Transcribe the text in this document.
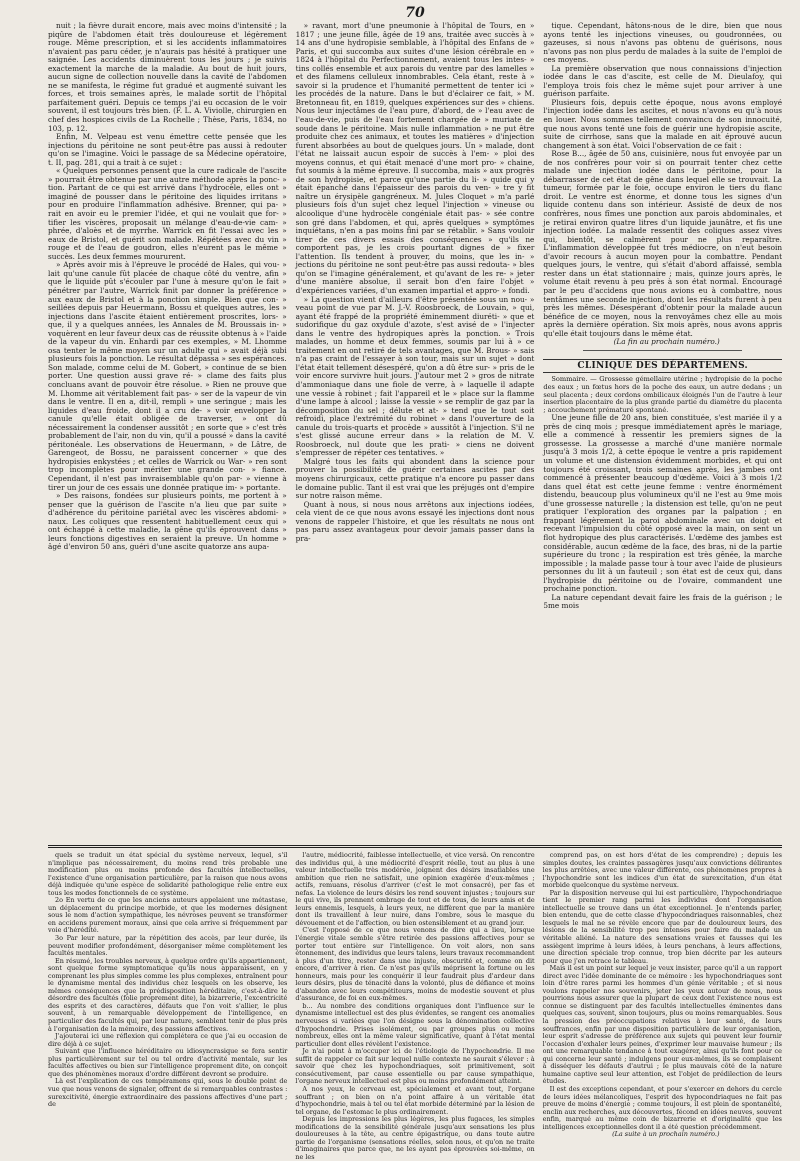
70

nuit ; la fièvre durait encore, mais avec moins d'intensité ; la piqûre de l'abdomen était très douloureuse et légèrement rouge. Même prescription, et si les accidents inflammatoires n'avaient pas paru céder, je n'aurais pas hésité à pratiquer une saignée. Les accidents diminuèrent tous les jours ; je suivis exactement la marche de la maladie. Au bout de huit jours, aucun signe de collection nouvelle dans la cavité de l'abdomen ne se manifesta, le régime fut gradué et augmenté suivant les forces, et trois semaines après, le malade sortit de l'hôpital parfaitement guéri. Depuis ce temps j'ai eu occasion de le voir souvent, il est toujours très bien. (F. L. A. Viviolle, chirurgien en chef des hospices civils de La Rochelle ; Thèse, Paris, 1834, no 103, p. 12.

Enfin, M. Velpeau est venu émettre cette pensée que les injections du péritoine ne sont peut-être pas aussi à redouter qu'on se l'imagine. Voici le passage de sa Médecine opératoire, t. II, pag. 281, qui a trait à ce sujet :

« Quelques personnes pensent que la cure radicale de l'ascite » pourrait être obtenue par une autre méthode après la ponc- » tion. Partant de ce qui est arrivé dans l'hydrocèle, elles ont » imaginé de pousser dans le péritoine des liquides irritans » pour en produire l'inflammation adhésive. Brenner, qui pa- » rait en avoir eu le premier l'idée, et qui ne voulait que for- » tifier les viscères, proposait un mélange d'eau-de-vie cam- » phrée, d'aloès et de myrrhe. Warrick en fit l'essai avec les » eaux de Bristol, et guérit son malade. Répétées avec du vin » rouge et de l'eau de goudron, elles n'eurent pas le même » succès. Les deux femmes moururent.

» Après avoir mis à l'épreuve le procédé de Hales, qui vou- » lait qu'une canule fût placée de chaque côté du ventre, afin » que le liquide pût s'écouler par l'une à mesure qu'on le fait » pénétrer par l'autre, Warrick finit par donner la préférence » aux eaux de Bristol et à la ponction simple. Bien que con- » seillées depuis par Heuermann, Bossu et quelques autres, les » injections dans l'ascite étaient entièrement proscrites, lors- » que, il y a quelques années, les Annales de M. Broussais in- » voquèrent en leur faveur deux cas de réussite obtenus à » l'aide de la vapeur du vin. Enhardi par ces exemples, » M. Lhomme osa tenter le même moyen sur un adulte qui » avait déjà subi plusieurs fois la ponction. Le résultat dépassa » ses espérances. Son malade, comme celui de M. Gobert, » continue de se bien porter. Une question aussi grave ré- » clame des faits plus concluans avant de pouvoir être résolue. » Rien ne prouve que M. Lhomme ait véritablement fait pas- » ser de la vapeur de vin dans le ventre. Il en a, dit-il, rempli » une seringue ; mais les liquides d'eau froide, dont il a cru de- » voir envelopper la canule qu'elle était obligée de traverser, » ont dû nécessairement la condenser aussitôt ; en sorte que » c'est très probablement de l'air, non du vin, qu'il a poussé » dans la cavité péritonéale. Les observations de Heuermann, » de Lâtre, de Garengeot, de Bossu, ne paraissent concerner » que des hydropisies enkystées ; et celles de Warrick ou War- » ren sont trop incomplètes pour mériter une grande con- » fiance. Cependant, il n'est pas invraisemblable qu'on par- » vienne à tirer un jour de ces essais une donnée pratique im- » portante.

» Des raisons, fondées sur plusieurs points, me portent à » penser que la guérison de l'ascite n'a lieu que par suite » d'adhérence du péritoine pariétal avec les viscères abdomi- » naux. Les coliques que ressentent habituellement ceux qui » ont échappé à cette maladie, la gêne qu'ils éprouvent dans » leurs fonctions digestives en seraient la preuve. Un homme » âgé d'environ 50 ans, guéri d'une ascite quatorze ans aupa-

» ravant, mort d'une pneumonie à l'hôpital de Tours, en » 1817 ; une jeune fille, âgée de 19 ans, traitée avec succès à » 14 ans d'une hydropisie semblable, à l'hôpital des Enfans de » Paris, et qui succomba aux suites d'une lésion cérébrale en » 1824 à l'hôpital du Perfectionnement, avaient tous les intes- » tins collés ensemble et aux parois du ventre par des lamelles » et des filamens celluleux innombrables. Cela étant, reste à » savoir si la prudence et l'humanité permettent de tenter ici » les procédés de la nature. Dans le but d'éclairer ce fait, » M. Bretonneau fit, en 1819, quelques expériences sur des » chiens. Nous leur injectâmes de l'eau pure, d'abord, de » l'eau avec de l'eau-de-vie, puis de l'eau fortement chargée de » muriate de soude dans le péritoine. Mais nulle inflammation » ne put être produite chez ces animaux, et toutes les matières » d'injection furent absorbées au bout de quelques jours. Un » malade, dont l'état ne laissait aucun espoir de succès à l'em- » ploi des moyens connus, et qui était menacé d'une mort pro- » chaine, fut soumis à la même épreuve. Il succomba, mais » aux progrès de son hydropisie, et parce qu'une partie du li- » quide qui y était épanché dans l'épaisseur des parois du ven- » tre y fit naître un érysipèle gangréneux. M. Jules Cloquet » m'a parlé plusieurs fois d'un sujet chez lequel l'injection » vineuse ou alcoolique d'une hydrocèle congéniale était pas- » sée contre son gré dans l'abdomen, et qui, après quelques » symptômes inquiétans, n'en a pas moins fini par se rétablir. » Sans vouloir tirer de ces divers essais des conséquences » qu'ils ne comportent pas, je les crois pourtant dignes de » fixer l'attention. Ils tendent à prouver, du moins, que les in- » jections du péritoine ne sont peut-être pas aussi redouta- » bles qu'on se l'imagine généralement, et qu'avant de les re- » jeter d'une manière absolue, il serait bon d'en faire l'objet » d'expériences variées, d'un examen impartial et appro- » fondi.

» La question vient d'ailleurs d'être présentée sous un nou- » veau point de vue par M. J.-V. Roosbroeck, de Louvain, » qui, ayant été frappé de la propriété éminemment diuréti- » que et sudorifique du gaz oxydule d'azote, s'est avisé de » l'injecter dans le ventre des hydropiques après la ponction. » Trois malades, un homme et deux femmes, soumis par lui à » ce traitement en ont retiré de tels avantages, que M. Brous- » sais n'a pas craint de l'essayer à son tour, mais sur un sujet » dont l'état était tellement désespéré, qu'on a dû être sur- » pris de le voir encore survivre huit jours. J'autour met 2 » gros de nitrate d'ammoniaque dans une fiole de verre, à » laquelle il adapte une vessie à robinet ; fait l'appareil et le » place sur la flamme d'une lampe à alcool ; laisse la vessie » se remplir de gaz par la décomposition du sel ; délute et at- » tend que le tout soit refroidi, place l'extrémité du robinet » dans l'ouverture de la canule du trois-quarts et procède » aussitôt à l'injection. S'il ne s'est glissé aucune erreur dans » la relation de M. V. Roosbroeck, nul doute que les prati- » ciens ne doivent s'empresser de répéter ces tentatives. »

Malgré tous les faits qui abondent dans la science pour prouver la possibilité de guérir certaines ascites par des moyens chirurgicaux, cette pratique n'a encore pu passer dans le domaine public. Tant il est vrai que les préjugés ont d'empire sur notre raison même.

Quant à nous, si nous nous arrêtons aux injections iodées, cela vient de ce que nous avons essayé les injections dont nous venons de rappeler l'histoire, et que les résultats ne nous ont pas paru assez avantageux pour devoir jamais passer dans la pra-

tique. Cependant, hâtons-nous de le dire, bien que nous ayons tenté les injections vineuses, ou goudronnées, ou gazeuses, si nous n'avons pas obtenu de guérisons, nous n'avons pas non plus perdu de malades à la suite de l'emploi de ces moyens.

La première observation que nous connaissions d'injection iodée dans le cas d'ascite, est celle de M. Dieulafoy, qui l'employa trois fois chez le même sujet pour arriver à une guérison parfaite.

Plusieurs fois, depuis cette époque, nous avons employé l'injection iodée dans les ascites, et nous n'avons eu qu'à nous en louer. Nous sommes tellement convaincu de son innocuité, que nous avons tenté une fois de guérir une hydropisie ascite, suite de cirrhose, sans que la malade en ait éprouvé aucun changement à son état. Voici l'observation de ce fait :

Rose B..., âgée de 50 ans, cuisinière, nous fut envoyée par un de nos confrères pour voir si on pourrait tenter chez cette malade une injection iodée dans le péritoine, pour la débarrasser de cet état de gêne dans lequel elle se trouvait. La tumeur, formée par le foie, occupe environ le tiers du flanc droit. Le ventre est énorme, et donne tous les signes d'un liquide contenu dans son intérieur. Assisté de deux de nos confrères, nous fîmes une ponction aux parois abdominales, et je retirai environ quatre litres d'un liquide jaunâtre, et fis une injection iodée. La malade ressentit des coliques assez vives qui, bientôt, se calmèrent pour ne plus reparaître. L'inflammation développée fut très médiocre, on n'eut besoin d'avoir recours à aucun moyen pour la combattre. Pendant quelques jours, le ventre, qui s'était d'abord affaissé, sembla rester dans un état stationnaire ; mais, quinze jours après, le volume était revenu à peu près à son état normal. Encouragé par le peu d'accidens que nous avions eu à combattre, nous tentâmes une seconde injection, dont les résultats furent à peu près les mêmes. Désespérant d'obtenir pour la malade aucun bénéfice de ce moyen, nous la renvoyâmes chez elle au mois après la dernière opération. Six mois après, nous avons appris qu'elle était toujours dans le même état.

(La fin au prochain numéro.)

CLINIQUE DES DÉPARTEMENS.

Sommaire. — Grossesse gémellaire utérine ; hydropisie de la poche des eaux ; un fœtus hors de la poche des eaux, un autre dedans ; un seul placenta ; deux cordons ombilicaux éloignés l'un de l'autre à leur insertion placentaire de la plus grande partie du diamètre du placenta ; accouchement prématuré spontané.

Une jeune fille de 20 ans, bien constituée, s'est mariée il y a près de cinq mois ; presque immédiatement après le mariage, elle a commencé à ressentir les premiers signes de la grossesse. La grossesse a marché d'une manière normale jusqu'à 3 mois 1/2, à cette époque le ventre a pris rapidement un volume et une distension évidemment morbides, et qui ont toujours été croissant, trois semaines après, les jambes ont commencé à présenter beaucoup d'œdème. Voici à 3 mois 1/2 dans quel état est cette jeune femme : ventre énormément distendu, beaucoup plus volumineux qu'il ne l'est au 9me mois d'une grossesse naturelle ; la distension est telle, qu'on ne peut pratiquer l'exploration des organes par la palpation ; en frappant légèrement la paroi abdominale avec un doigt et recevant l'impulsion du côté opposé avec la main, on sent un flot hydropique des plus caractérisés. L'œdème des jambes est considérable, aucun œdème de la face, des bras, ni de la partie supérieure du tronc ; la respiration est très gênée, la marche impossible ; la malade passe tour à tour avec l'aide de plusieurs personnes du lit à un fauteuil ; son état est de ceux qui, dans l'hydropisie du péritoine ou de l'ovaire, commandent une prochaine ponction.

La nature cependant devait faire les frais de la guérison ; le 5me mois

quels se traduit un état spécial du système nerveux, lequel, s'il n'implique pas nécessairement, du moins rend très probable une modification plus ou moins profonde des facultés intellectuelles, l'existence d'une organisation particulière, par la raison que nous avons déjà indiquée qu'une espèce de solidarité pathologique relie entre eux tous les modes fonctionnels de ce système.

2o En vertu de ce que les anciens auteurs appelaient une métastase, un déplacement du principe morbide, et que les modernes désignent sous le nom d'action sympathique, les névroses peuvent se transformer en accidens purement moraux, ainsi que cela arrive si fréquemment par voie d'hérédité.

3o Par leur nature, par la répétition des accès, par leur durée, ils peuvent modifier profondément, désorganiser même complètement les facultés mentales.

En résumé, les troubles nerveux, à quelque ordre qu'ils appartiennent, sont quelque forme symptomatique qu'ils nous apparaissent, en y comprenant les plus simples comme les plus complexes, entraînent pour le dynamisme mental des individus chez lesquels on les observe, les mêmes conséquences que la prédisposition héréditaire, c'est-à-dire le désordre des facultés (folie proprement dite), la bizarrerie, l'excentricité des esprits et des caractères, défauts que l'on voit s'allier, le plus souvent, à un remarquable développement de l'intelligence, en particulier des facultés qui, par leur nature, semblent tenir de plus près à l'organisation de la mémoire, des passions affectives.

J'ajouterai ici une réflexion qui complétera ce que j'ai eu occasion de dire déjà à ce sujet.

Suivant que l'influence héréditaire ou idiosyncrasique se fera sentir plus particulièrement sur tel ou tel ordre d'activité mentale, sur les facultés affectives ou bien sur l'intelligence proprement dite, on conçoit que des phénomènes moraux d'ordre différent devront se produire.

Là est l'explication de ces tempéramens qui, sous le double point de vue que nous venons de signaler, offrent de si remarquables contrastes : surexcitivité, énergie extraordinaire des passions affectives d'une part ; de

l'autre, médiocrité, faiblesse intellectuelle, et vice versâ. On rencontre des individus qui, à une médiocrité d'esprit réelle, tout au plus à une valeur intellectuelle très modérée, joignent des désirs insatiables une ambition que rien ne satisfait, une opinion exagérée d'eux-mêmes ; actifs, remuans, résolus d'arriver (c'est le mot consacré), per fas et nefas. La violence de leurs désirs les rend souvent injustes ; toujours sur le qui vive, ils prennent ombrage de tout et de tous, de leurs amis et de leurs ennemis, lesquels, à leurs yeux, ne diffèrent que par la manière dont ils travaillent à leur nuire, dans l'ombre, sous le masque du dévouement et de l'affection, ou bien ostensiblement et au grand jour.

C'est l'opposé de ce que nous venons de dire qui a lieu, lorsque l'énergie vitale semble s'être retirée des passions affectives pour se porter tout entière sur l'intelligence. On voit alors, non sans étonnement, des individus que leurs talens, leurs travaux recommandent à plus d'un titre, rester dans une injuste, obscurité et, comme on dit encore, d'arriver à rien. Ce n'est pas qu'ils méprisent la fortune ou les honneurs, mais pour les conquérir il leur faudrait plus d'ardeur dans leurs désirs, plus de ténacité dans la volonté, plus de défiance et moins d'abandon avec leurs compétiteurs, moins de modestie souvent et plus d'assurance, de foi en eux-mêmes.

b... Au nombre des conditions organiques dont l'influence sur le dynamisme intellectuel est des plus évidentes, se rangent ces anomalies nerveuses si variées que l'on désigne sous la dénomination collective d'hypochondrie. Prises isolément, ou par groupes plus ou moins nombreux, elles ont la même valeur significative, quant à l'état mental particulier dont elles révèlent l'existence.

Je n'ai point à m'occuper ici de l'étiologie de l'hypochondrie. Il me suffit de rappeler ce fait sur lequel nulle contexte ne saurait s'élever : à savoir que chez les hypochondriaques, soit primitivement, soit consécutivement, par cause essentielle ou par cause sympathique, l'organe nerveux intellectuel est plus ou moins profondément atteint.

A nos yeux, le cerveau est, spécialement et avant tout, l'organe souffrant ; on bien on n'a point affaire à un véritable état d'hypochondrie, mais à tel ou tel état morbide déterminé par la lésion de tel organe, de l'estomac le plus ordinairement.

Depuis les impressions les plus légères, les plus fugaces, les simples modifications de la sensibilité générale jusqu'aux sensations les plus douloureuses à la tête, au centre épigastrique, ou dans toute autre partie de l'organisme (sensations réelles, selon nous, et qu'on ne traite d'imaginaires que parce que, ne les ayant pas éprouvées soi-même, on ne les

comprend pas, on est hors d'état de les comprendre) ; depuis les simples doutes, les craintes passagères jusqu'aux convictions délirantes les plus arrêtées, avec une valeur différente, ces phénomènes propres à l'hypochondrie sont les indices d'un état de surexcitation, d'un état morbide quelconque du système nerveux.

Par la disposition nerveuse qui lui est particulière, l'hypochondriaque tient le premier rang parmi les individus dont l'organisation intellectuelle se trouve dans un état exceptionnel. Je n'entends parler, bien entendu, que de cette classe d'hypocondriaques raisonnables, chez lesquels le mal ne se révèle encore que par de douloureux leurs, des lésions de la sensibilité trop peu intenses pour faire du malade un véritable aliéné. La nature des sensations vraies et fausses qui les assiègent imprime à leurs idées, à leurs penchans, à leurs affections, une direction spéciale trop connue, trop bien décrite par les auteurs pour que j'en retrace le tableau.

Mais il est un point sur lequel je veux insister, parce qu'il a un rapport direct avec l'idée dominante de ce mémoire : les hypochondriaques sont loin d'être rares parmi les hommes d'un génie véritable ; et si nous voulons rappeler nos souvenirs, jeter les yeux autour de nous, nous pourrions nous assurer que la plupart de ceux dont l'existence nous est connue se distinguent par des facultés intellectuelles éminentes dans quelques cas, souvent, sinon toujours, plus ou moins remarquables. Sous la pression des préoccupations relatives à leur santé, de leurs souffrances, enfin par une disposition particulière de leur organisation, leur esprit s'adresse de préférence aux sujets qui peuvent leur fournir l'occasion d'exhaler leurs peines, d'exprimer leur mauvaise humeur ; ils ont une remarquable tendance à tout exagérer, ainsi qu'ils font pour ce qui concerne leur santé ; indulgens pour eux-mêmes, ils se complaisent à disséquer les défauts d'autrui ; le plus mauvais côté de la nature humaine captive seul leur attention, est l'objet de prédilection de leurs études.

Il est des exceptions cependant, et pour s'exercer en dehors du cercle de leurs idées mélancoliques, l'esprit des hypocondriaques ne fait pas preuve de moins d'énergie ; comme toujours, il est plein de spontanéité, enclin aux recherches, aux découvertes, fécond en idées neuves, souvent enfin, marqué au même coin de bizarrerie et d'originalité que les intelligences exceptionnelles dont il a été question précédemment.

(La suite à un prochain numéro.)
